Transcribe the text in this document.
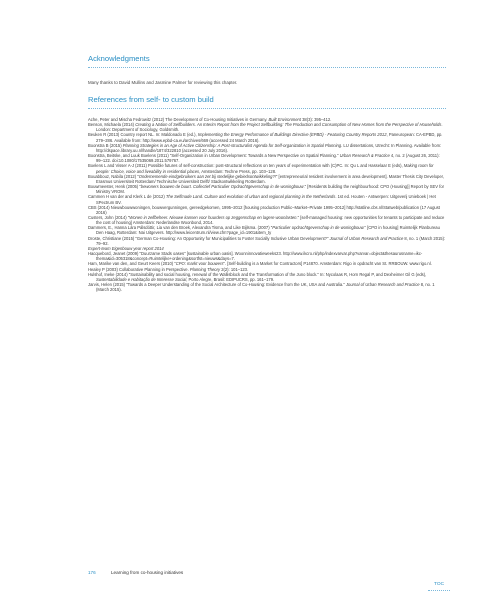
Acknowledgments

Many thanks to David Mullins and Jasmine Palmer for reviewing this chapter.

References from self- to custom build

Ache, Peter and Mischa Fedrowitz (2012) The Development of Co-Housing Initiatives in Germany. Built Environment 38(3): 395–412.

Benson, Michaela (2014) Creating a Nation of Selfbuilders. An Interim Report from the Project Selfbuilding: The Production and Consumption of New Homes from the Perspective of Households. London: Department of Sociology, Goldsmith.

Beuken R (2013) Country report NL. In: Maldonado E (ed.), Implementing the Energy Performance of Buildings Directive (EPBD) - Featuring Country Reports 2012, Paneuropean: CA-EPBD, pp. 279–286. Available from: http://www.epbd-ca.eu/archives/669 (accessed 24 March 2016).

Boonstra B (2015) Planning Strategies in an Age of Active Citizenship: A Post-structuralist Agenda for Self-organization in Spatial Planning. LU dissertations, Utrecht: In Planning. Available from: http://dspace.library.uu.nl/handle/1874/322810 (accessed 20 July 2016).

Boonstra, Beitske, and Luuk Boelens (2011) "Self-Organization in Urban Development: Towards a New Perspective on Spatial Planning." Urban Research & Practice 4, no. 2 (August 26, 2011): 99–122. doi:10.1080/17535069.2011.579767.

Boelens L and Visser A-J (2011) Possible futures of self-construction: post-structural reflections on ten years of experimentation with (C)PC. In: Qu L and Hasselaar E (eds), Making room for people: Choice, voice and liveability in residential places, Amsterdam: Techne Press, pp. 103–128.

Bouabbouz, Nabila (2012) "Ondernemende eindgebruikers aan zet bij stedelijke gebiedsontwikkeling?!" [entrepreneurial resident involvement in area development]. Master Thesis City Developer, Erasmus Universiteit Rotterdam/ Technische Universiteit Delft/ Stadsontwikkeling Rotterdam.

Bouwmeester, Henk (2005) "bewoners bouwen de buurt. Collectief Particulier Opdrachtgeverschap in de woningbouw." [Residents building the neighbourhood: CPO (Housing)] Report by SEV for Ministry VROM.

Cammen H van der and Klerk L de (2012) The Selfmade Land. Culture and evolution of urban and regional planning in the Netherlands. 1st ed. Houten - Antwerpen: Uitgeverij Unieboek | Het SPectrum BV.

CBS (2014) Nieuwbouwwoningen, bouwvergunningen, gereedgekomen, 1995–2012 [housing production Public–Market–Private 1995–2012] http://statline.cbs.nl/Statweb/publication (17 August 2016)

Custers, John (2014) "Wonen in zelfbeheer. Nieuwe kansen voor huurders op zeggenschap en lagere woonlasten." [self-managed housing: new opportunities for tenants to participate and reduce the cost of housing] Amsterdam: Nederlandse Woonbond, 2014.

Dammers, E., Hanna Lára Pálsdóttir, Lia van den Broek, Alexandra Tisma, and Like Bijlsma. (2007) "Particulier opdrachtgeverschap in de woningbouw." [CPO in housing] Ruimtelijk Planbureau Den Haag, Rotterdam: Nai Uitgevers. http://www.leicentrum.nl/view.cfm?page_id=1901&item_ty

Droste, Christiane (2015) "German Co-Housing: An Opportunity for Municipalities to Foster Socially Inclusive Urban Development?" Journal of Urban Research and Practice 8, no. 1 (March 2015): 79–92.

Expert-team Eigenbouw year report 2014

Hacquebord, Jeanet (2009) "Duurzame Stads oases" [sustainable urban oasis]. Woonninnovatieweeks23. http://www.ikcro.nl/php/indexvarvar.php?varvar=object&thesaurusname=ikc-thema&id=305318&concept=Ruimtelijke+ordening&sortfst=nieuws&days=7.

Ham, Marike van den, and Geurt Keers (2010) "CPO: markt voor bouwers". [Self-building is a Market for Contractors] P14870. Amsterdam: Rigo in opdracht van St. RRBOUW. www.rigo.nl.

Healey P (2003) Collaborative Planning in Perspective. Planning Theory 2(2): 101–123.

Hulshof, Ineke (2014) "Sustainability and social housing, renewal of the Wallisblock and the Transformation of the Juno block." In: Nycolaas R, Horn Regal P, and Dexheimer Gil G (eds), Sustentabilidade e Habitação de Interesse Social, Porto Alegre, Brasil: EDIPUCRS, pp. 161–179.

Jarvis, Helen (2015) "Towards a Deeper Understanding of the Social Architecture of Co-Housing: Evidence from the UK, USA and Australia." Journal of Urban Research and Practice 8, no. 1 (March 2015).

176	Learning from co-housing initiatives
TOC
